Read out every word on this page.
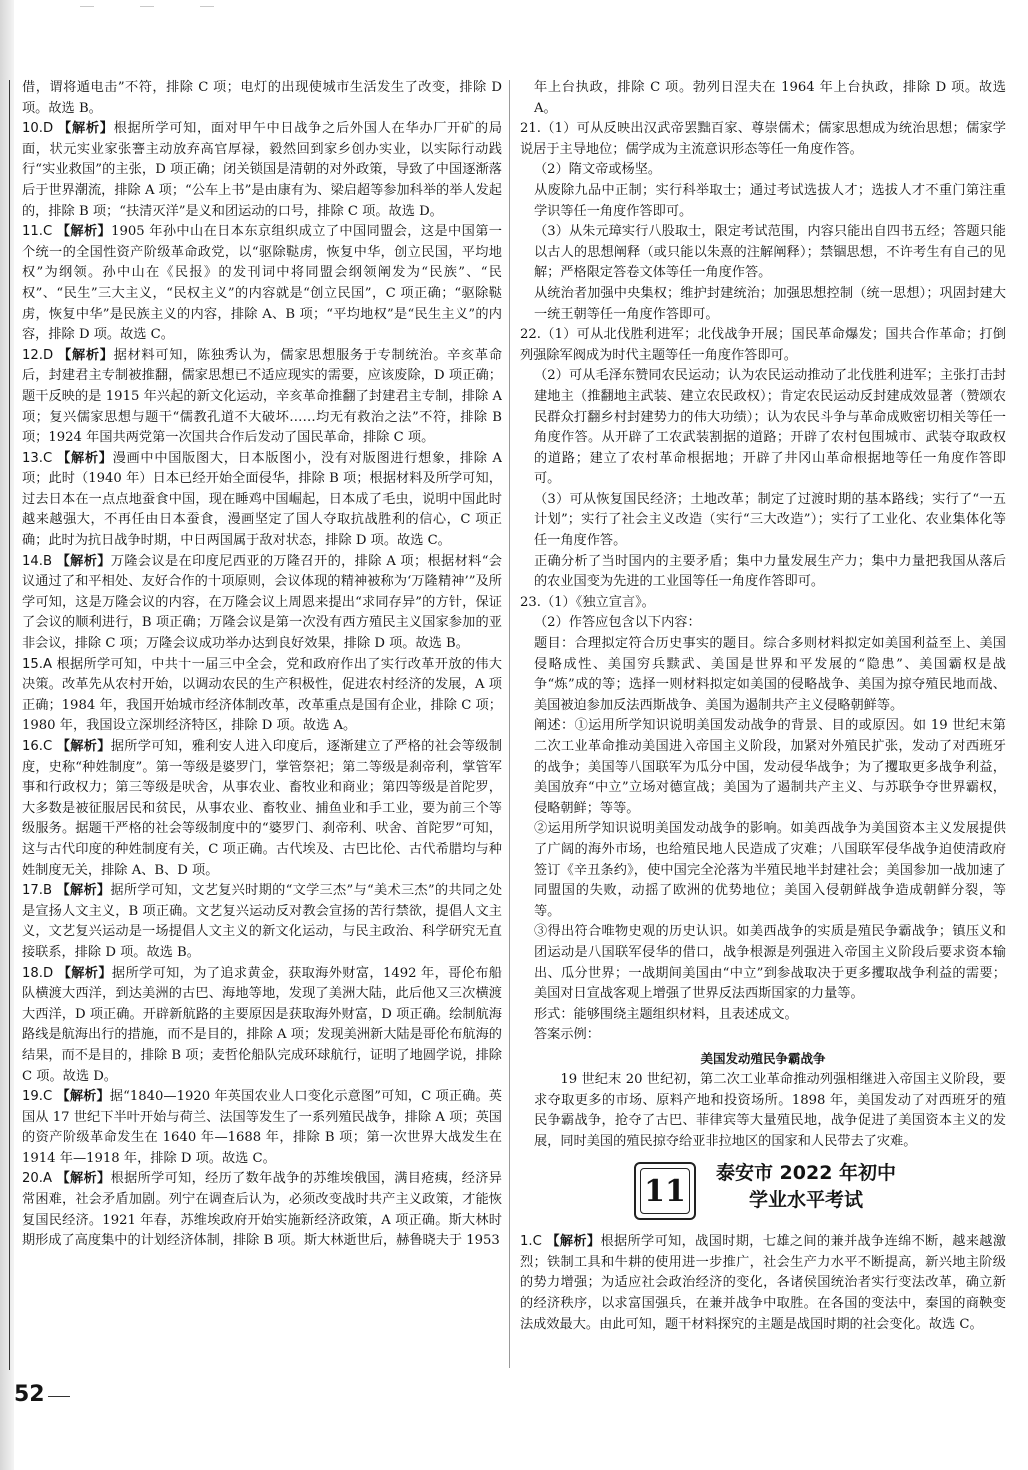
借，谓将遁电击”不符，排除 C 项；电灯的出现使城市生活发生了改变，排除 D 项。故选 B。

10.D 【解析】根据所学可知，面对甲午中日战争之后外国人在华办厂开矿的局面，状元实业家张謇主动放弃高官厚禄，毅然回到家乡创办实业，以实际行动践行“实业救国”的主张，D 项正确；闭关锁国是清朝的对外政策，导致了中国逐渐落后于世界潮流，排除 A 项；“公车上书”是由康有为、梁启超等参加科举的举人发起的，排除 B 项；“扶清灭洋”是义和团运动的口号，排除 C 项。故选 D。

11.C 【解析】1905 年孙中山在日本东京组织成立了中国同盟会，这是中国第一个统一的全国性资产阶级革命政党，以“驱除鞑虏，恢复中华，创立民国，平均地权”为纲领。孙中山在《民报》的发刊词中将同盟会纲领阐发为“民族”、“民权”、“民生”三大主义，“民权主义”的内容就是“创立民国”，C 项正确；“驱除鞑虏，恢复中华”是民族主义的内容，排除 A、B 项；“平均地权”是“民生主义”的内容，排除 D 项。故选 C。

12.D 【解析】据材料可知，陈独秀认为，儒家思想服务于专制统治。辛亥革命后，封建君主专制被推翻，儒家思想已不适应现实的需要，应该废除，D 项正确；题干反映的是 1915 年兴起的新文化运动，辛亥革命推翻了封建君主专制，排除 A 项；复兴儒家思想与题干“儒教孔道不大破坏……均无有救治之法”不符，排除 B 项；1924 年国共两党第一次国共合作后发动了国民革命，排除 C 项。

13.C 【解析】漫画中中国版图大，日本版图小，没有对版图进行想象，排除 A 项；此时（1940 年）日本已经开始全面侵华，排除 B 项；根据材料及所学可知，过去日本在一点点地蚕食中国，现在睡鸡中国崛起，日本成了毛虫，说明中国此时越来越强大，不再任由日本蚕食，漫画坚定了国人夺取抗战胜利的信心，C 项正确；此时为抗日战争时期，中日两国属于敌对状态，排除 D 项。故选 C。

14.B 【解析】万隆会议是在印度尼西亚的万隆召开的，排除 A 项；根据材料“会议通过了和平相处、友好合作的十项原则，会议体现的精神被称为‘万隆精神’”及所学可知，这是万隆会议的内容，在万隆会议上周恩来提出“求同存异”的方针，保证了会议的顺利进行，B 项正确；万隆会议是第一次没有西方殖民主义国家参加的亚非会议，排除 C 项；万隆会议成功举办达到良好效果，排除 D 项。故选 B。

15.A 根据所学可知，中共十一届三中全会，党和政府作出了实行改革开放的伟大决策。改革先从农村开始，以调动农民的生产积极性，促进农村经济的发展，A 项正确；1984 年，我国开始城市经济体制改革，改革重点是国有企业，排除 C 项；1980 年，我国设立深圳经济特区，排除 D 项。故选 A。

16.C 【解析】据所学可知，雅利安人进入印度后，逐渐建立了严格的社会等级制度，史称“种姓制度”。第一等级是婆罗门，掌管祭祀；第二等级是刹帝利，掌管军事和行政权力；第三等级是吠舍，从事农业、畜牧业和商业；第四等级是首陀罗，大多数是被征服居民和贫民，从事农业、畜牧业、捕鱼业和手工业，要为前三个等级服务。据题干严格的社会等级制度中的“婆罗门、刹帝利、吠舍、首陀罗”可知，这与古代印度的种姓制度有关，C 项正确。古代埃及、古巴比伦、古代希腊均与种姓制度无关，排除 A、B、D 项。

17.B 【解析】据所学可知，文艺复兴时期的“文学三杰”与“美术三杰”的共同之处是宣扬人文主义，B 项正确。文艺复兴运动反对教会宣扬的苦行禁欲，提倡人文主义，文艺复兴运动是一场提倡人文主义的新文化运动，与民主政治、科学研究无直接联系，排除 D 项。故选 B。

18.D 【解析】据所学可知，为了追求黄金，获取海外财富，1492 年，哥伦布船队横渡大西洋，到达美洲的古巴、海地等地，发现了美洲大陆，此后他又三次横渡大西洋，D 项正确。开辟新航路的主要原因是获取海外财富，D 项正确。绘制航海路线是航海出行的措施，而不是目的，排除 A 项；发现美洲新大陆是哥伦布航海的结果，而不是目的，排除 B 项；麦哲伦船队完成环球航行，证明了地圆学说，排除 C 项。故选 D。

19.C 【解析】据“1840—1920 年英国农业人口变化示意图”可知，C 项正确。英国从 17 世纪下半叶开始与荷兰、法国等发生了一系列殖民战争，排除 A 项；英国的资产阶级革命发生在 1640 年—1688 年，排除 B 项；第一次世界大战发生在 1914 年—1918 年，排除 D 项。故选 C。

20.A 【解析】根据所学可知，经历了数年战争的苏维埃俄国，满目疮痍，经济异常困难，社会矛盾加剧。列宁在调查后认为，必须改变战时共产主义政策，才能恢复国民经济。1921 年春，苏维埃政府开始实施新经济政策，A 项正确。斯大林时期形成了高度集中的计划经济体制，排除 B 项。斯大林逝世后，赫鲁晓夫于 1953

年上台执政，排除 C 项。勃列日涅夫在 1964 年上台执政，排除 D 项。故选 A。

21.（1）可从反映出汉武帝罢黜百家、尊崇儒术；儒家思想成为统治思想；儒家学说居于主导地位；儒学成为主流意识形态等任一角度作答。

（2）隋文帝或杨坚。

从废除九品中正制；实行科举取士；通过考试选拔人才；选拔人才不重门第注重学识等任一角度作答即可。

（3）从朱元璋实行八股取士，限定考试范围，内容只能出自四书五经；答题只能以古人的思想阐释（或只能以朱熹的注解阐释）；禁锢思想，不许考生有自己的见解；严格限定答卷文体等任一角度作答。

从统治者加强中央集权；维护封建统治；加强思想控制（统一思想）；巩固封建大一统王朝等任一角度作答即可。

22.（1）可从北伐胜利进军；北伐战争开展；国民革命爆发；国共合作革命；打倒列强除军阀成为时代主题等任一角度作答即可。

（2）可从毛泽东赞同农民运动；认为农民运动推动了北伐胜利进军；主张打击封建地主（推翻地主武装、建立农民政权）；肯定农民运动反封建成效显著（赞颂农民群众打翻乡村封建势力的伟大功绩）；认为农民斗争与革命成败密切相关等任一角度作答。从开辟了工农武装割据的道路；开辟了农村包围城市、武装夺取政权的道路；建立了农村革命根据地；开辟了井冈山革命根据地等任一角度作答即可。

（3）可从恢复国民经济；土地改革；制定了过渡时期的基本路线；实行了“一五计划”；实行了社会主义改造（实行“三大改造”）；实行了工业化、农业集体化等任一角度作答。

正确分析了当时国内的主要矛盾；集中力量发展生产力；集中力量把我国从落后的农业国变为先进的工业国等任一角度作答即可。

23.（1）《独立宣言》。

（2）作答应包含以下内容：

题目：合理拟定符合历史事实的题目。综合多则材料拟定如美国利益至上、美国侵略成性、美国穷兵黩武、美国是世界和平发展的“隐患”、美国霸权是战争“炼”成的等；选择一则材料拟定如美国的侵略战争、美国为掠夺殖民地而战、美国被迫参加反法西斯战争、美国为遏制共产主义侵略朝鲜等。

阐述：①运用所学知识说明美国发动战争的背景、目的或原因。如 19 世纪末第二次工业革命推动美国进入帝国主义阶段，加紧对外殖民扩张，发动了对西班牙的战争；美国等八国联军为瓜分中国，发动侵华战争；为了攫取更多战争利益，美国放弃“中立”立场对德宣战；美国为了遏制共产主义、与苏联争夺世界霸权，侵略朝鲜；等等。

②运用所学知识说明美国发动战争的影响。如美西战争为美国资本主义发展提供了广阔的海外市场，也给殖民地人民造成了灾难；八国联军侵华战争迫使清政府签订《辛丑条约》，使中国完全沦落为半殖民地半封建社会；美国参加一战加速了同盟国的失败，动摇了欧洲的优势地位；美国入侵朝鲜战争造成朝鲜分裂，等等。

③得出符合唯物史观的历史认识。如美西战争的实质是殖民争霸战争；镇压义和团运动是八国联军侵华的借口，战争根源是列强进入帝国主义阶段后要求资本输出、瓜分世界；一战期间美国由“中立”到参战取决于更多攫取战争利益的需要；美国对日宣战客观上增强了世界反法西斯国家的力量等。

形式：能够围绕主题组织材料，且表述成文。

答案示例：

美国发动殖民争霸战争

19 世纪末 20 世纪初，第二次工业革命推动列强相继进入帝国主义阶段，要求夺取更多的市场、原料产地和投资场所。1898 年，美国发动了对西班牙的殖民争霸战争，抢夺了古巴、菲律宾等大量殖民地，战争促进了美国资本主义的发展，同时美国的殖民掠夺给亚非拉地区的国家和人民带去了灾难。

11
泰安市 2022 年初中
学业水平考试

1.C 【解析】根据所学可知，战国时期，七雄之间的兼并战争连绵不断，越来越激烈；铁制工具和牛耕的使用进一步推广，社会生产力水平不断提高，新兴地主阶级的势力增强；为适应社会政治经济的变化，各诸侯国统治者实行变法改革，确立新的经济秩序，以求富国强兵，在兼并战争中取胜。在各国的变法中，秦国的商鞅变法成效最大。由此可知，题干材料探究的主题是战国时期的社会变化。故选 C。

52
